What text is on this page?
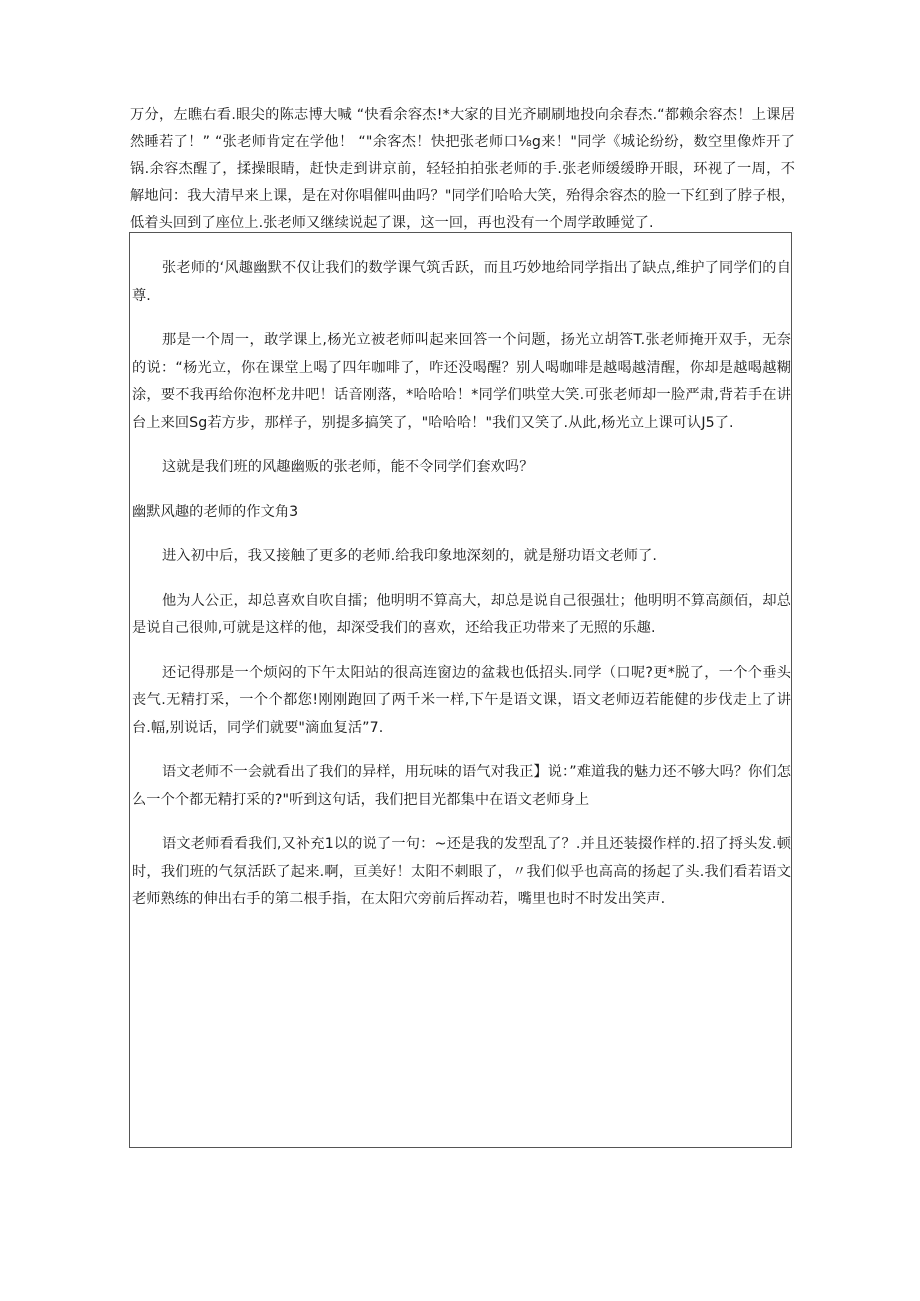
万分，左瞧右看.眼尖的陈志博大喊 “快看余容杰!*大家的目光齐刷刷地投向余春杰.“都赖余容杰！上课居然睡若了！” “张老师肯定在学他！ “"余客杰！快把张老师口⅛g来！"同学《城论纷纷，数空里像炸开了锅.余容杰醒了，揉操眼睛，赶快走到讲京前，轻轻拍拍张老师的手.张老师缓缓睁开眼，环视了一周，不解地问：我大清早来上课，是在对你唱催叫曲吗？"同学们哈哈大笑，殆得余容杰的脸一下红到了脖子根，低着头回到了座位上.张老师又继续说起了课，这一回，再也没有一个周学敢睡觉了.

张老师的‘风趣幽默不仅让我们的数学课气筑舌跃，而且巧妙地给同学指出了缺点,维护了同学们的自尊.

那是一个周一，敢学课上,杨光立被老师叫起来回答一个问题，扬光立胡答T.张老师掩开双手，无奈的说：“杨光立，你在课堂上喝了四年咖啡了，咋还没喝醒？别人喝咖啡是越喝越清醒，你却是越喝越糊涂，要不我再给你泡杯龙井吧！话音刚落，*哈哈哈！*同学们哄堂大笑.可张老师却一脸严肃,背若手在讲台上来回Sg若方步，那样子，别提多搞笑了，"哈哈哈！"我们又笑了.从此,杨光立上课可认J5了.

这就是我们班的风趣幽贩的张老师，能不令同学们套欢吗？

幽默风趣的老师的作文角3

进入初中后，我又接触了更多的老师.给我印象地深刻的，就是掰功语文老师了.

他为人公正，却总喜欢自吹自擂；他明明不算高大，却总是说自己很强壮；他明明不算高颜佰，却总是说自己很帅,可就是这样的他，却深受我们的喜欢，还给我正功带来了无照的乐趣.

还记得那是一个烦闷的下午太阳站的很高连窗边的盆栽也低招头.同学（口呢?更*脱了，一个个垂头丧气.无精打采，一个个都您!刚刚跑回了两千米一样,下午是语文课，语文老师迈若能健的步伐走上了讲台.幅,别说话，同学们就要"滴血复活”7.

语文老师不一会就看出了我们的异样，用玩味的语气对我正】说：”难道我的魅力还不够大吗？你们怎么一个个都无精打采的?"听到这句话，我们把目光都集中在语文老师身上

语文老师看看我们,又补充1以的说了一句：~还是我的发型乱了？.并且还装掇作样的.招了捋头发.顿时，我们班的气氛活跃了起来.啊，亘美好！太阳不刺眼了，〃我们似乎也高高的扬起了头.我们看若语文老师熟练的伸出右手的第二根手指，在太阳穴旁前后挥动若，嘴里也时不时发出笑声.
